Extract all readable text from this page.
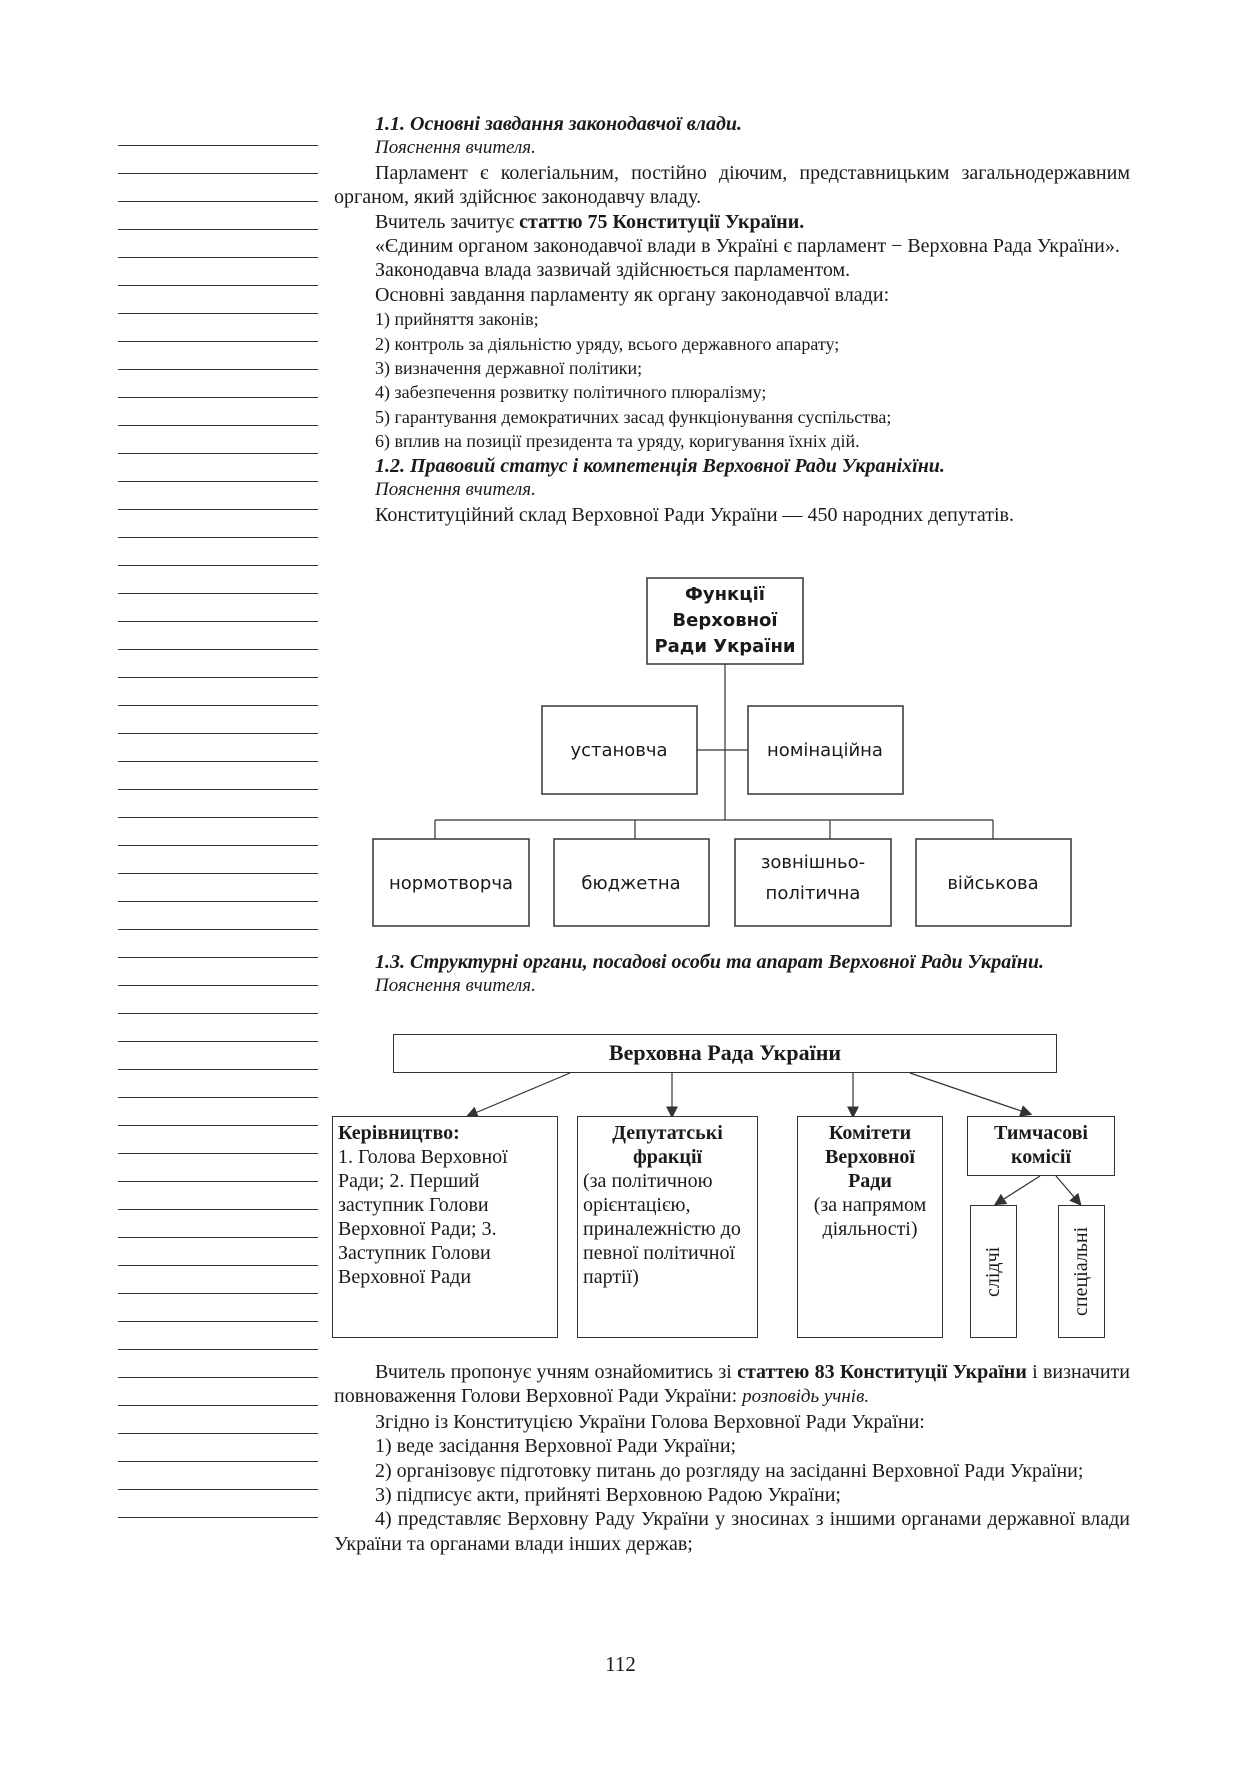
1.1. Основні завдання законодавчої влади.

Пояснення вчителя.

Парламент є колегіальним, постійно діючим, представницьким загальнодержавним органом, який здійснює законодавчу владу.

Вчитель зачитує статтю 75 Конституції України.

«Єдиним органом законодавчої влади в Україні є парламент − Верховна Рада України».

Законодавча влада зазвичай здійснюється парламентом.

Основні завдання парламенту як органу законодавчої влади:

1) прийняття законів;

2) контроль за діяльністю уряду, всього державного апарату;

3) визначення державної політики;

4) забезпечення розвитку політичного плюралізму;

5) гарантування демократичних засад функціонування суспільства;

6) вплив на позиції президента та уряду, коригування їхніх дій.

1.2. Правовий статус і компетенція Верховної Ради Украніхїни.

Пояснення вчителя.

Конституційний склад Верховної Ради України — 450 народних депутатів.

Функції
Верховної
Ради України
установча	номінаційна
нормотворча	бюджетна
зовнішньо-
політична	військова

1.3. Структурні органи, посадові особи та апарат Верховної Ради України.

Пояснення вчителя.

Верховна Рада України
Керівництво:
1. Голова Верховної Ради; 2. Перший заступник Голови Верховної Ради; 3. Заступник Голови Верховної Ради
Депутатські фракції
(за політичною орієнтацією, приналежністю до певної політичної партії)
Комітети Верховної Ради
(за напрямом діяльності)
Тимчасові комісії
слідчі	спеціальні

Вчитель пропонує учням ознайомитись зі статтею 83 Конституції України і визначити повноваження Голови Верховної Ради України: розповідь учнів.

Згідно із Конституцією України Голова Верховної Ради України:

1) веде засідання Верховної Ради України;

2) організовує підготовку питань до розгляду на засіданні Верховної Ради України;

3) підписує акти, прийняті Верховною Радою України;

4) представляє Верховну Раду України у зносинах з іншими органами державної влади України та органами влади інших держав;

112
